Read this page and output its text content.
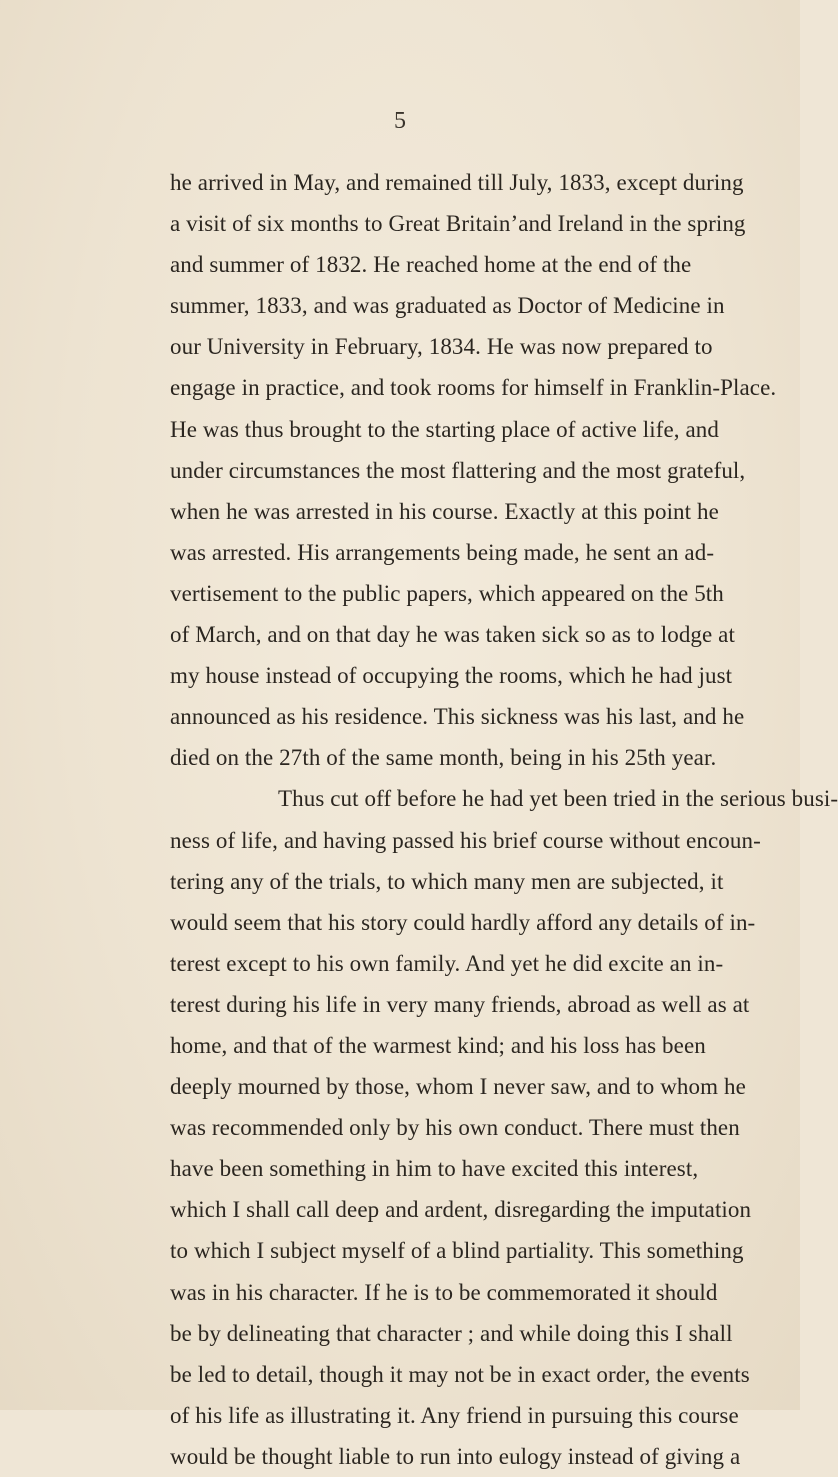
5
he arrived in May, and remained till July, 1833, except during
a visit of six months to Great Britain’and Ireland in the spring
and summer of 1832. He reached home at the end of the
summer, 1833, and was graduated as Doctor of Medicine in
our University in February, 1834. He was now prepared to
engage in practice, and took rooms for himself in Franklin-Place.
He was thus brought to the starting place of active life, and
under circumstances the most flattering and the most grateful,
when he was arrested in his course. Exactly at this point he
was arrested. His arrangements being made, he sent an ad-
vertisement to the public papers, which appeared on the 5th
of March, and on that day he was taken sick so as to lodge at
my house instead of occupying the rooms, which he had just
announced as his residence. This sickness was his last, and he
died on the 27th of the same month, being in his 25th year.
Thus cut off before he had yet been tried in the serious busi-
ness of life, and having passed his brief course without encoun-
tering any of the trials, to which many men are subjected, it
would seem that his story could hardly afford any details of in-
terest except to his own family. And yet he did excite an in-
terest during his life in very many friends, abroad as well as at
home, and that of the warmest kind; and his loss has been
deeply mourned by those, whom I never saw, and to whom he
was recommended only by his own conduct. There must then
have been something in him to have excited this interest,
which I shall call deep and ardent, disregarding the imputation
to which I subject myself of a blind partiality. This something
was in his character. If he is to be commemorated it should
be by delineating that character ; and while doing this I shall
be led to detail, though it may not be in exact order, the events
of his life as illustrating it. Any friend in pursuing this course
would be thought liable to run into eulogy instead of giving a
